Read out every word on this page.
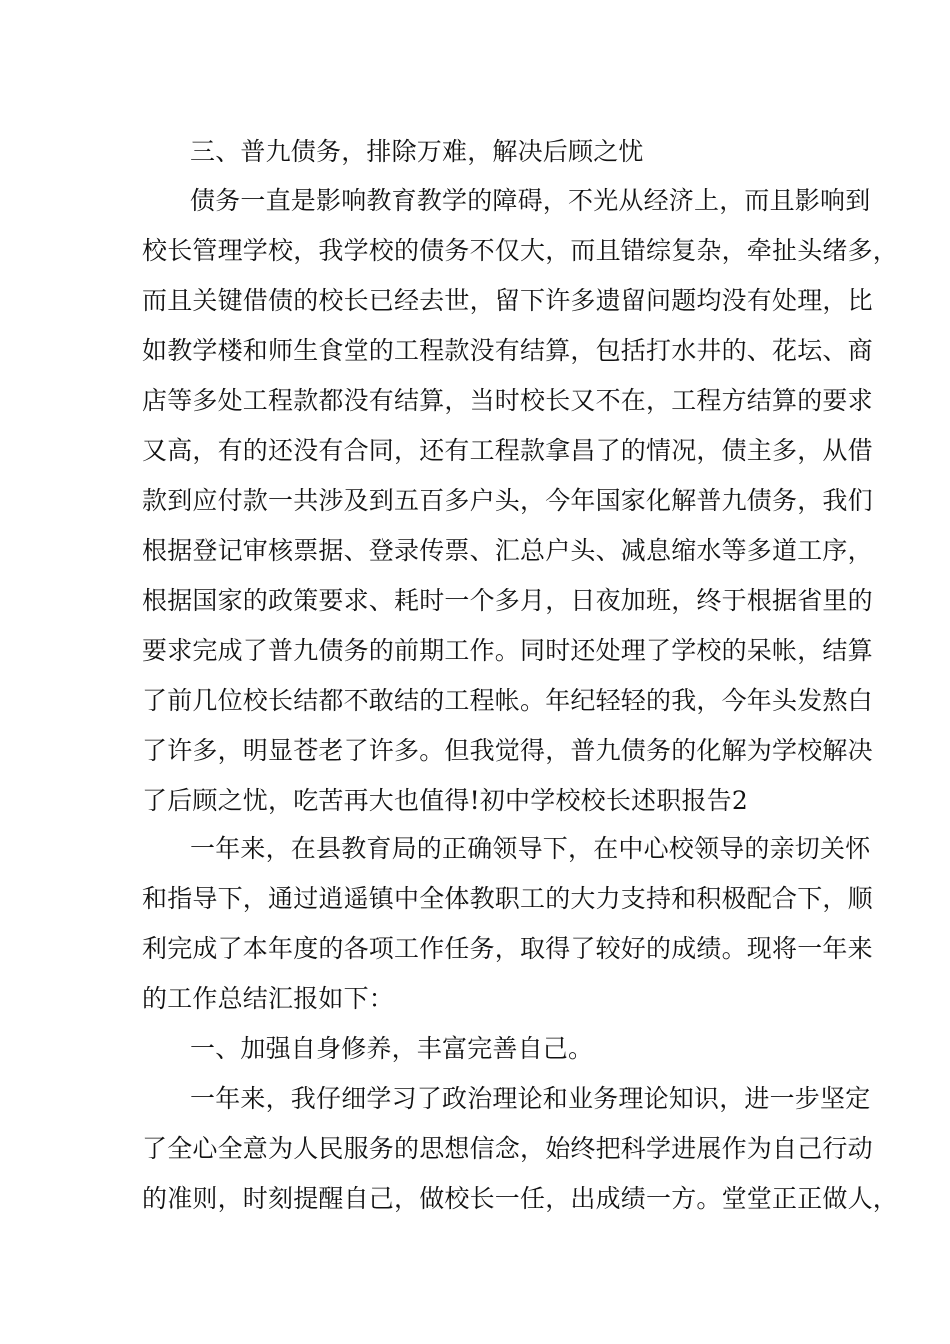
三、普九债务，排除万难，解决后顾之忧
债务一直是影响教育教学的障碍，不光从经济上，而且影响到
校长管理学校，我学校的债务不仅大，而且错综复杂，牵扯头绪多，
而且关键借债的校长已经去世，留下许多遗留问题均没有处理，比
如教学楼和师生食堂的工程款没有结算，包括打水井的、花坛、商
店等多处工程款都没有结算，当时校长又不在，工程方结算的要求
又高，有的还没有合同，还有工程款拿昌了的情况，债主多，从借
款到应付款一共涉及到五百多户头，今年国家化解普九债务，我们
根据登记审核票据、登录传票、汇总户头、减息缩水等多道工序，
根据国家的政策要求、耗时一个多月，日夜加班，终于根据省里的
要求完成了普九债务的前期工作。同时还处理了学校的呆帐，结算
了前几位校长结都不敢结的工程帐。年纪轻轻的我，今年头发熬白
了许多，明显苍老了许多。但我觉得，普九债务的化解为学校解决
了后顾之忧，吃苦再大也值得!初中学校校长述职报告2
一年来，在县教育局的正确领导下，在中心校领导的亲切关怀
和指导下，通过逍遥镇中全体教职工的大力支持和积极配合下，顺
利完成了本年度的各项工作任务，取得了较好的成绩。现将一年来
的工作总结汇报如下：
一、加强自身修养，丰富完善自己。
一年来，我仔细学习了政治理论和业务理论知识，进一步坚定
了全心全意为人民服务的思想信念，始终把科学进展作为自己行动
的准则，时刻提醒自己，做校长一任，出成绩一方。堂堂正正做人，
